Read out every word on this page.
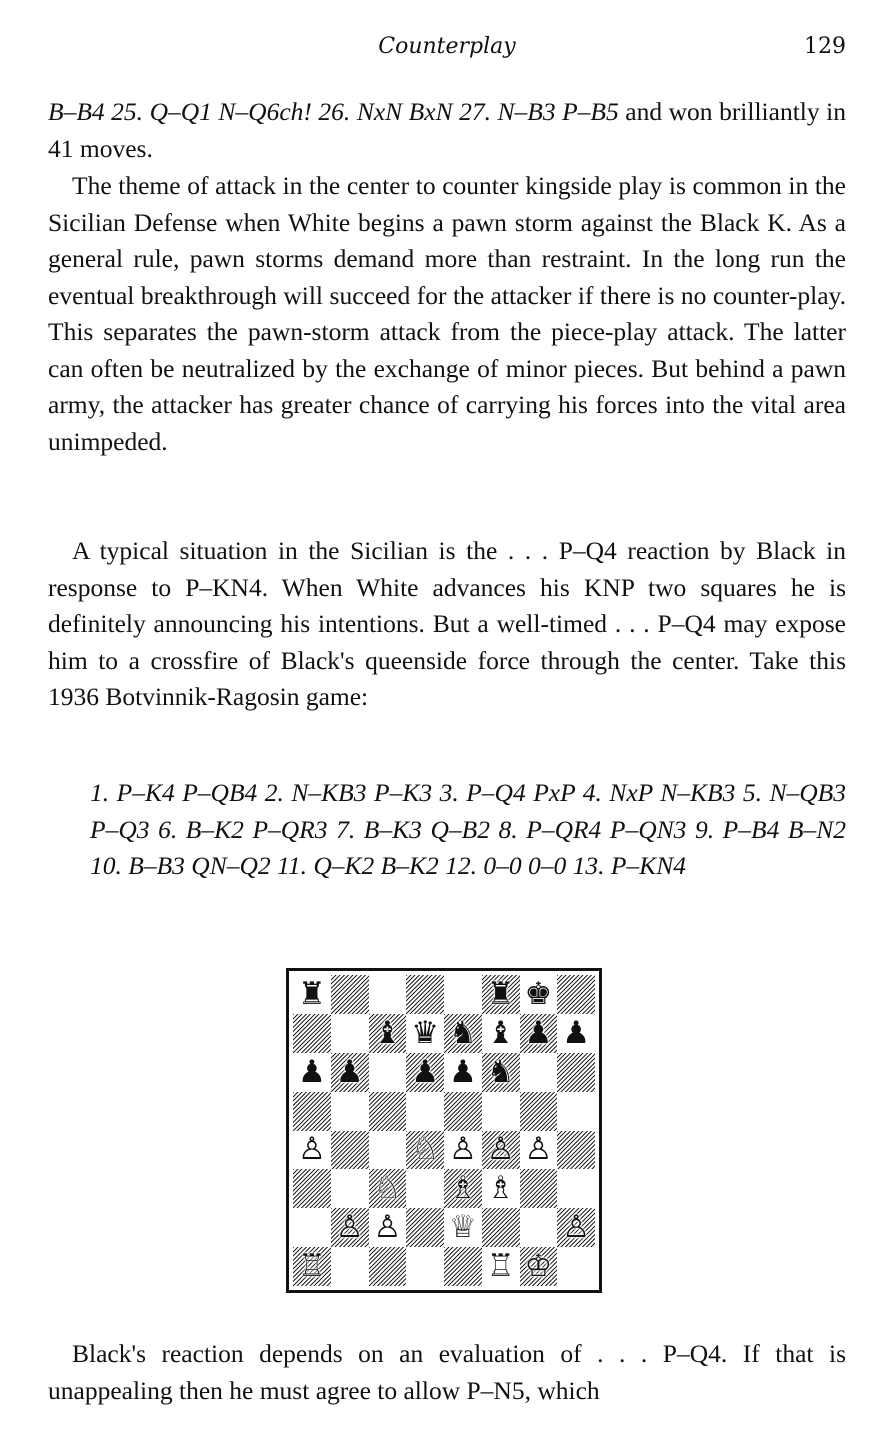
Counterplay	129

B–B4 25. Q–Q1 N–Q6ch! 26. NxN BxN 27. N–B3 P–B5 and won brilliantly in 41 moves.

The theme of attack in the center to counter kingside play is common in the Sicilian Defense when White begins a pawn storm against the Black K. As a general rule, pawn storms demand more than restraint. In the long run the eventual breakthrough will succeed for the attacker if there is no counter-play. This separates the pawn-storm attack from the piece-play attack. The latter can often be neutralized by the exchange of minor pieces. But behind a pawn army, the attacker has greater chance of carrying his forces into the vital area unimpeded.

A typical situation in the Sicilian is the . . . P–Q4 reaction by Black in response to P–KN4. When White advances his KNP two squares he is definitely announcing his intentions. But a well-timed . . . P–Q4 may expose him to a crossfire of Black's queenside force through the center. Take this 1936 Botvinnik-Ragosin game:

1. P–K4 P–QB4 2. N–KB3 P–K3 3. P–Q4 PxP 4. NxP N–KB3 5. N–QB3 P–Q3 6. B–K2 P–QR3 7. B–K3 Q–B2 8. P–QR4 P–QN3 9. P–B4 B–N2 10. B–B3 QN–Q2 11. Q–K2 B–K2 12. 0–0 0–0 13. P–KN4

♜	♜ ♚
♝ ♛ ♞ ♝ ♟ ♟
♟ ♟ ♟ ♟ ♞
♙	♘ ♙ ♙ ♙
♘ ♗ ♗
♙ ♙ ♕	♙
♖	♖ ♔

Black's reaction depends on an evaluation of . . . P–Q4. If that is unappealing then he must agree to allow P–N5, which
